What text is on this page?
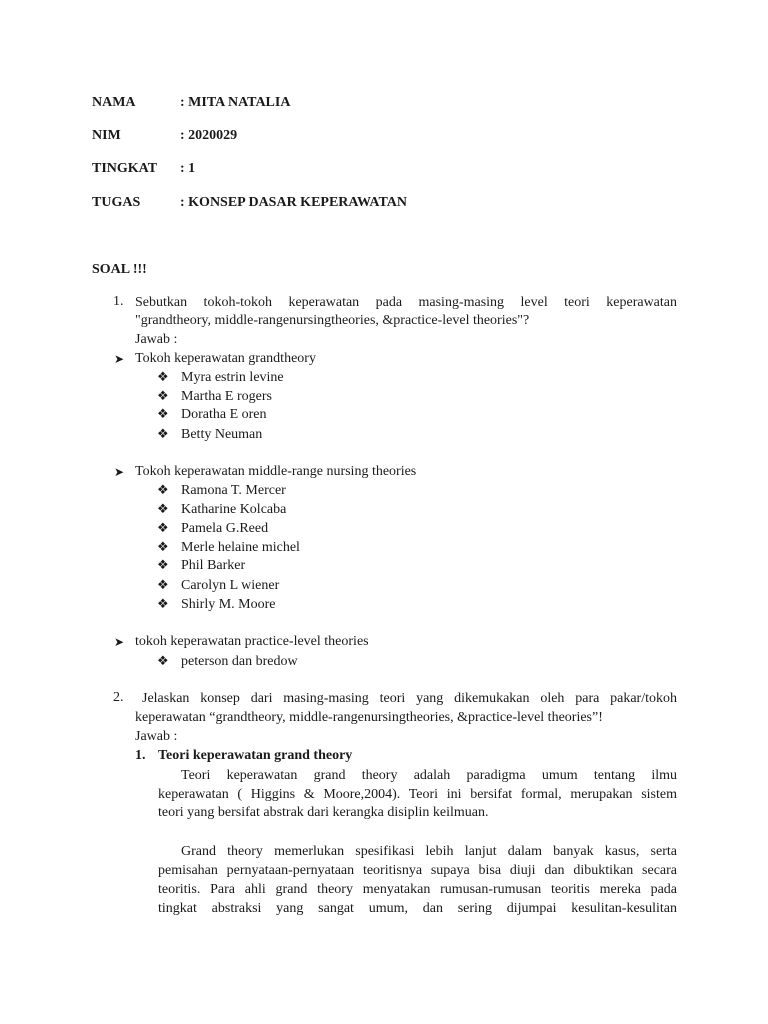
NAMA	: MITA NATALIA
NIM	: 2020029
TINGKAT : 1
TUGAS	: KONSEP DASAR KEPERAWATAN
SOAL !!!
1. Sebutkan tokoh-tokoh keperawatan pada masing-masing level teori keperawatan
"grandtheory, middle-rangenursingtheories, &practice-level theories"?
Jawab :
➤ Tokoh keperawatan grandtheory
❖ Myra estrin levine
❖ Martha E rogers
❖ Doratha E oren
❖ Betty Neuman
➤ Tokoh keperawatan middle-range nursing theories
❖ Ramona T. Mercer
❖ Katharine Kolcaba
❖ Pamela G.Reed
❖ Merle helaine michel
❖ Phil Barker
❖ Carolyn L wiener
❖ Shirly M. Moore
➤ tokoh keperawatan practice-level theories
❖ peterson dan bredow
2. Jelaskan konsep dari masing-masing teori yang dikemukakan oleh para pakar/tokoh
keperawatan “grandtheory, middle-rangenursingtheories, &practice-level theories”!
Jawab :
1. Teori keperawatan grand theory
Teori keperawatan grand theory adalah paradigma umum tentang ilmu
keperawatan ( Higgins & Moore,2004). Teori ini bersifat formal, merupakan sistem
teori yang bersifat abstrak dari kerangka disiplin keilmuan.
Grand theory memerlukan spesifikasi lebih lanjut dalam banyak kasus, serta
pemisahan pernyataan-pernyataan teoritisnya supaya bisa diuji dan dibuktikan secara
teoritis. Para ahli grand theory menyatakan rumusan-rumusan teoritis mereka pada
tingkat abstraksi yang sangat umum, dan sering dijumpai kesulitan-kesulitan
